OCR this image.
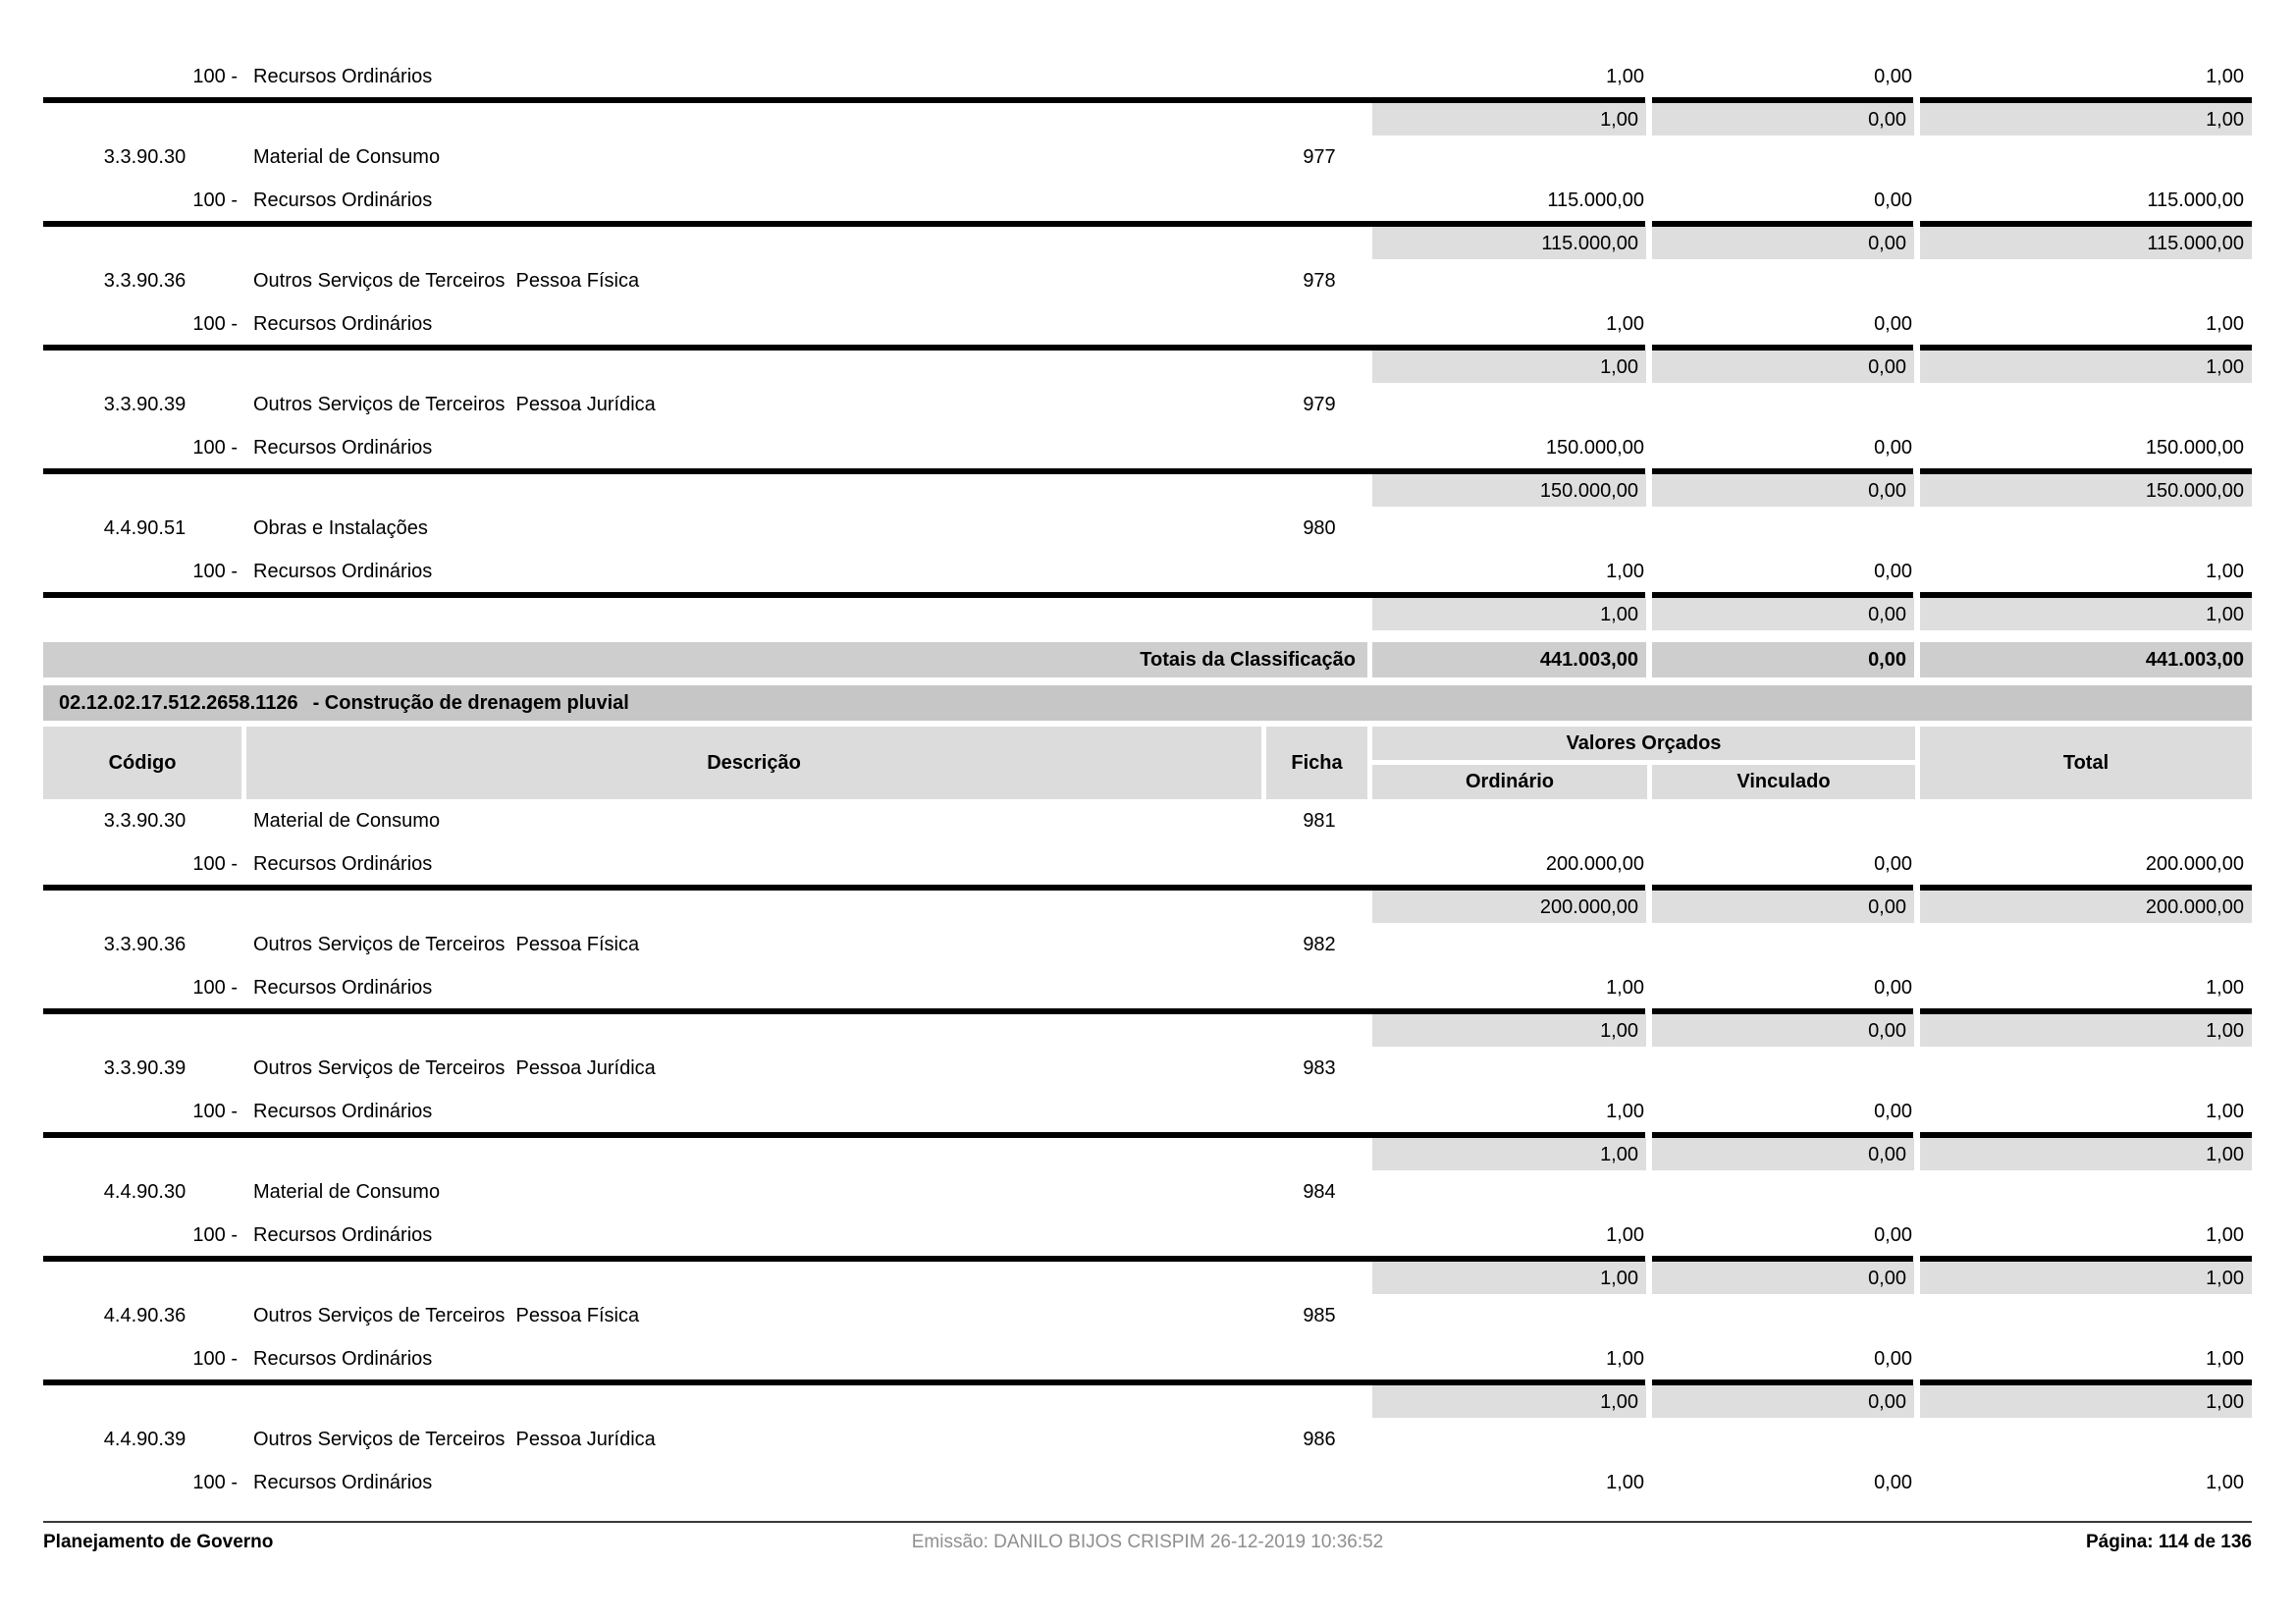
100 - Recursos Ordinários	1,00	0,00	1,00
1,00	0,00	1,00
3.3.90.30	Material de Consumo	977
100 - Recursos Ordinários	115.000,00	0,00	115.000,00
115.000,00	0,00	115.000,00
3.3.90.36	Outros Serviços de Terceiros  Pessoa Física	978
100 - Recursos Ordinários	1,00	0,00	1,00
1,00	0,00	1,00
3.3.90.39	Outros Serviços de Terceiros  Pessoa Jurídica	979
100 - Recursos Ordinários	150.000,00	0,00	150.000,00
150.000,00	0,00	150.000,00
4.4.90.51	Obras e Instalações	980
100 - Recursos Ordinários	1,00	0,00	1,00
1,00	0,00	1,00
Totais da Classificação	441.003,00	0,00	441.003,00
02.12.02.17.512.2658.1126 - Construção de drenagem pluvial
Código	Descrição	Ficha
Valores Orçados
Ordinário	Vinculado
Total
3.3.90.30	Material de Consumo	981
100 - Recursos Ordinários	200.000,00	0,00	200.000,00
200.000,00	0,00	200.000,00
3.3.90.36	Outros Serviços de Terceiros  Pessoa Física	982
100 - Recursos Ordinários	1,00	0,00	1,00
1,00	0,00	1,00
3.3.90.39	Outros Serviços de Terceiros  Pessoa Jurídica	983
100 - Recursos Ordinários	1,00	0,00	1,00
1,00	0,00	1,00
4.4.90.30	Material de Consumo	984
100 - Recursos Ordinários	1,00	0,00	1,00
1,00	0,00	1,00
4.4.90.36	Outros Serviços de Terceiros  Pessoa Física	985
100 - Recursos Ordinários	1,00	0,00	1,00
1,00	0,00	1,00
4.4.90.39	Outros Serviços de Terceiros  Pessoa Jurídica	986
100 - Recursos Ordinários	1,00	0,00	1,00
Planejamento de Governo	Emissão: DANILO BIJOS CRISPIM 26-12-2019 10:36:52	Página: 114 de 136
